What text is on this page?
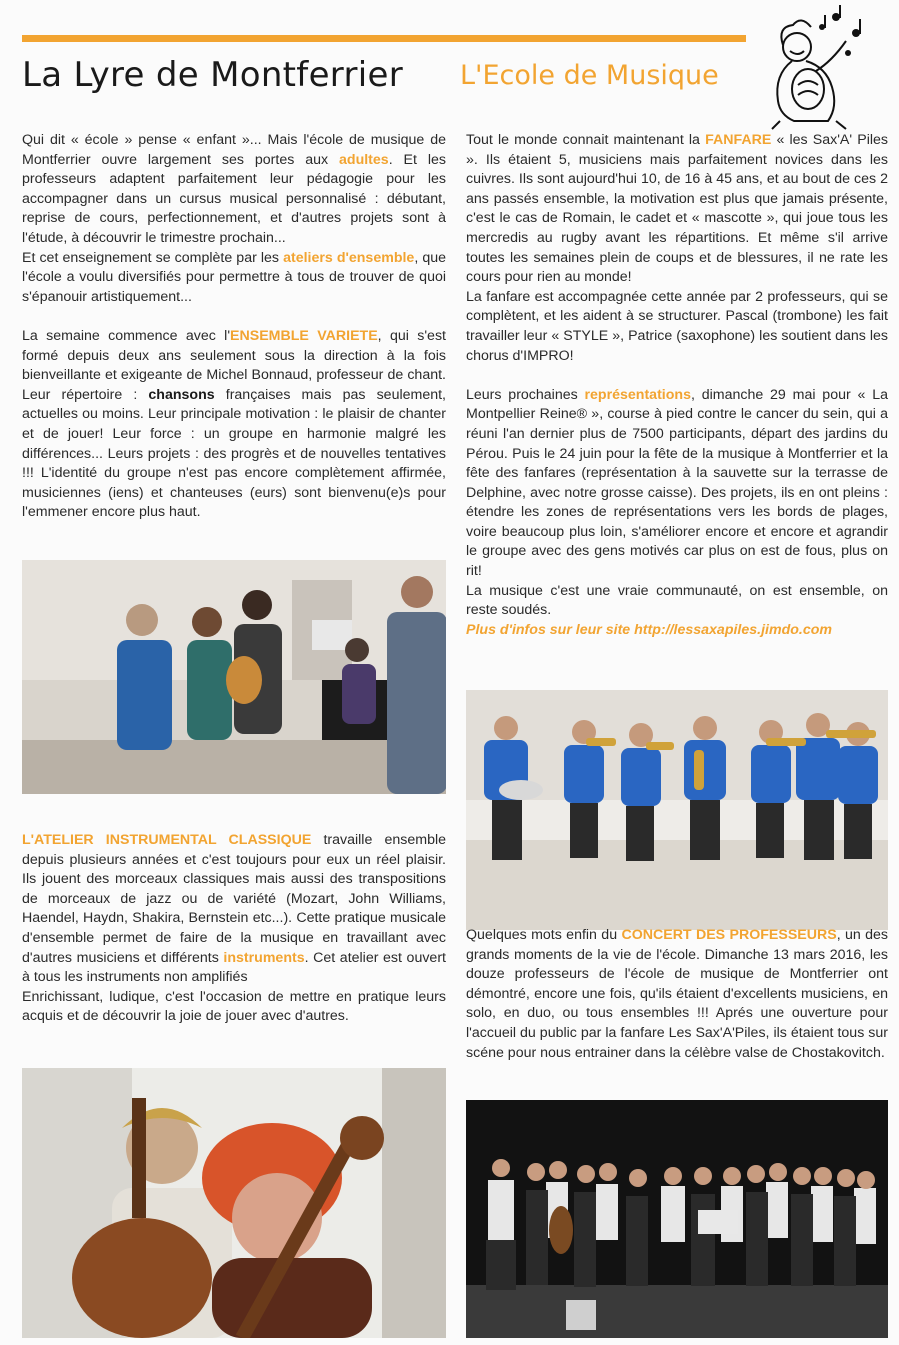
La Lyre de Montferrier L'Ecole de Musique

Qui dit « école » pense « enfant »... Mais l'école de musique de Montferrier ouvre largement ses portes aux adultes. Et les professeurs adaptent parfaitement leur pédagogie pour les accompagner dans un cursus musical personnalisé : débutant, reprise de cours, perfectionnement, et d'autres projets sont à l'étude, à découvrir le trimestre prochain...

Et cet enseignement se complète par les ateliers d'ensemble, que l'école a voulu diversifiés pour permettre à tous de trouver de quoi s'épanouir artistiquement...

La semaine commence avec l'ENSEMBLE VARIETE, qui s'est formé depuis deux ans seulement sous la direction à la fois bienveillante et exigeante de Michel Bonnaud, professeur de chant. Leur répertoire : chansons françaises mais pas seulement, actuelles ou moins. Leur principale motivation : le plaisir de chanter et de jouer! Leur force : un groupe en harmonie malgré les différences... Leurs projets : des progrès et de nouvelles tentatives !!! L'identité du groupe n'est pas encore complètement affirmée, musiciennes (iens) et chanteuses (eurs) sont bienvenu(e)s pour l'emmener encore plus haut.

L'ATELIER INSTRUMENTAL CLASSIQUE travaille ensemble depuis plusieurs années et c'est toujours pour eux un réel plaisir. Ils jouent des morceaux classiques mais aussi des transpositions de morceaux de jazz ou de variété (Mozart, John Williams, Haendel, Haydn, Shakira, Bernstein etc...). Cette pratique musicale d'ensemble permet de faire de la musique en travaillant avec d'autres musiciens et différents instruments. Cet atelier est ouvert à tous les instruments non amplifiés

Enrichissant, ludique, c'est l'occasion de mettre en pratique leurs acquis et de découvrir la joie de jouer avec d'autres.

Tout le monde connait maintenant la FANFARE « les Sax'A' Piles ». Ils étaient 5, musiciens mais parfaitement novices dans les cuivres. Ils sont aujourd'hui 10, de 16 à 45 ans, et au bout de ces 2 ans passés ensemble, la motivation est plus que jamais présente, c'est le cas de Romain, le cadet et « mascotte », qui joue tous les mercredis au rugby avant les répartitions. Et même s'il arrive toutes les semaines plein de coups et de blessures, il ne rate les cours pour rien au monde!

La fanfare est accompagnée cette année par 2 professeurs, qui se complètent, et les aident à se structurer. Pascal (trombone) les fait travailler leur « STYLE », Patrice (saxophone) les soutient dans les chorus d'IMPRO!

Leurs prochaines représentations, dimanche 29 mai pour « La Montpellier Reine® », course à pied contre le cancer du sein, qui a réuni l'an dernier plus de 7500 participants, départ des jardins du Pérou. Puis le 24 juin pour la fête de la musique à Montferrier et la fête des fanfares (représentation à la sauvette sur la terrasse de Delphine, avec notre grosse caisse). Des projets, ils en ont pleins : étendre les zones de représentations vers les bords de plages, voire beaucoup plus loin, s'améliorer encore et encore et agrandir le groupe avec des gens motivés car plus on est de fous, plus on rit!

La musique c'est une vraie communauté, on est ensemble, on reste soudés.

Plus d'infos sur leur site http://lessaxapiles.jimdo.com

Quelques mots enfin du CONCERT DES PROFESSEURS, un des grands moments de la vie de l'école. Dimanche 13 mars 2016, les douze professeurs de l'école de musique de Montferrier ont démontré, encore une fois, qu'ils étaient d'excellents musiciens, en solo, en duo, ou tous ensembles !!! Aprés une ouverture pour l'accueil du public par la fanfare Les Sax'A'Piles, ils étaient tous sur scéne pour nous entrainer dans la célèbre valse de Chostakovitch.
